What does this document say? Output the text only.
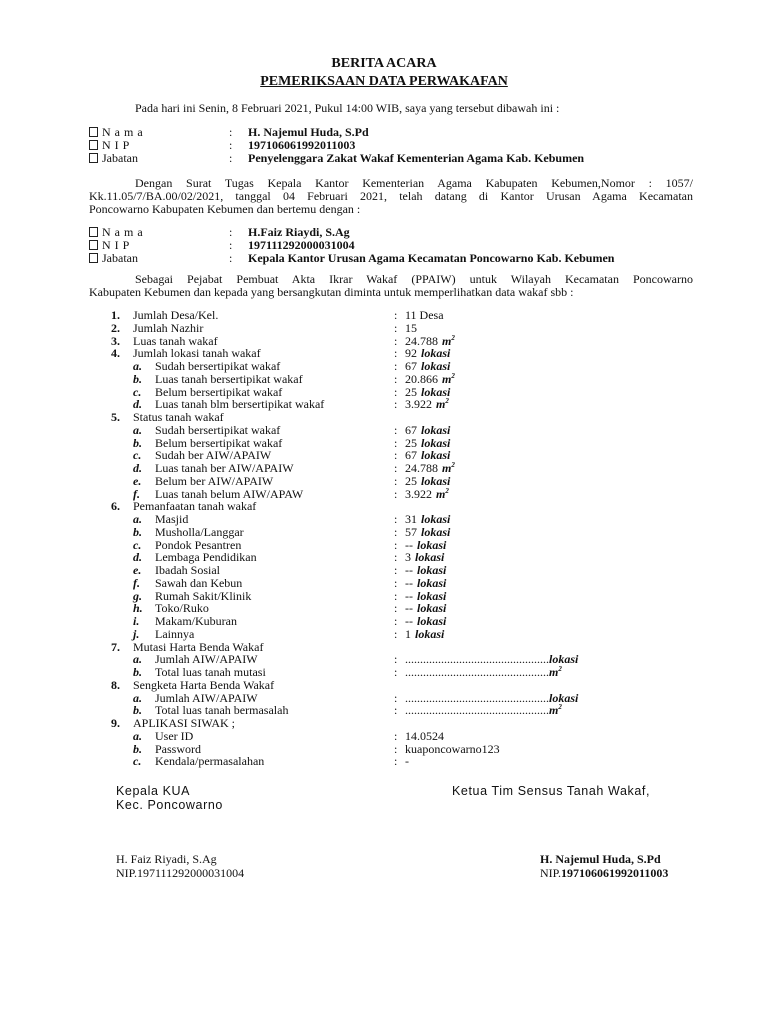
BERITA ACARA
PEMERIKSAAN DATA PERWAKAFAN
Pada hari ini Senin, 8 Februari 2021, Pukul 14:00 WIB, saya yang tersebut dibawah ini :
N a m a	: H. Najemul Huda, S.Pd
N I P	: 197106061992011003
Jabatan	: Penyelenggara Zakat Wakaf Kementerian Agama Kab. Kebumen
Dengan Surat Tugas Kepala Kantor Kementerian Agama Kabupaten Kebumen,Nomor : 1057/
Kk.11.05/7/BA.00/02/2021, tanggal 04 Februari 2021, telah datang di Kantor Urusan Agama Kecamatan
Poncowarno Kabupaten Kebumen dan bertemu dengan :
N a m a	: H.Faiz Riaydi, S.Ag
N I P	: 197111292000031004
Jabatan	: Kepala Kantor Urusan Agama Kecamatan Poncowarno Kab. Kebumen
Sebagai Pejabat Pembuat Akta Ikrar Wakaf (PPAIW) untuk Wilayah Kecamatan Poncowarno
Kabupaten Kebumen dan kepada yang bersangkutan diminta untuk memperlihatkan data wakaf sbb :
1. Jumlah Desa/Kel.	: 11 Desa
2. Jumlah Nazhir	: 15
3. Luas tanah wakaf	: 24.788 $m^2$
4. Jumlah lokasi tanah wakaf	: 92 lokasi
a. Sudah bersertipikat wakaf	: 67 lokasi
b. Luas tanah bersertipikat wakaf	: 20.866 $m^2$
c. Belum bersertipikat wakaf	: 25 lokasi
d. Luas tanah blm bersertipikat wakaf	: 3.922 $m^2$
5. Status tanah wakaf
a. Sudah bersertipikat wakaf	: 67 lokasi
b. Belum bersertipikat wakaf	: 25 lokasi
c. Sudah ber AIW/APAIW	: 67 lokasi
d. Luas tanah ber AIW/APAIW	: 24.788 $m^2$
e. Belum ber AIW/APAIW	: 25 lokasi
f. Luas tanah belum AIW/APAW	: 3.922 $m^2$
6. Pemanfaatan tanah wakaf
a. Masjid	: 31 lokasi
b. Musholla/Langgar	: 57 lokasi
c. Pondok Pesantren	: -- lokasi
d. Lembaga Pendidikan	: 3 lokasi
e. Ibadah Sosial	: -- lokasi
f. Sawah dan Kebun	: -- lokasi
g. Rumah Sakit/Klinik	: -- lokasi
h. Toko/Ruko	: -- lokasi
i. Makam/Kuburan	: -- lokasi
j. Lainnya	: 1 lokasi
7. Mutasi Harta Benda Wakaf
a. Jumlah AIW/APAIW	: ................................................lokasi
b. Total luas tanah mutasi	: $................................................m^2$
8. Sengketa Harta Benda Wakaf
a. Jumlah AIW/APAIW	: ................................................lokasi
b. Total luas tanah bermasalah	: $................................................m^2$
9. APLIKASI SIWAK ;
a. User ID	: 14.0524
b. Password	: kuaponcowarno123
c. Kendala/permasalahan	: -
Kepala KUA
Kec. Poncowarno
Ketua Tim Sensus Tanah Wakaf,
H. Faiz Riyadi, S.Ag
NIP.197111292000031004
H. Najemul Huda, S.Pd
NIP.197106061992011003
